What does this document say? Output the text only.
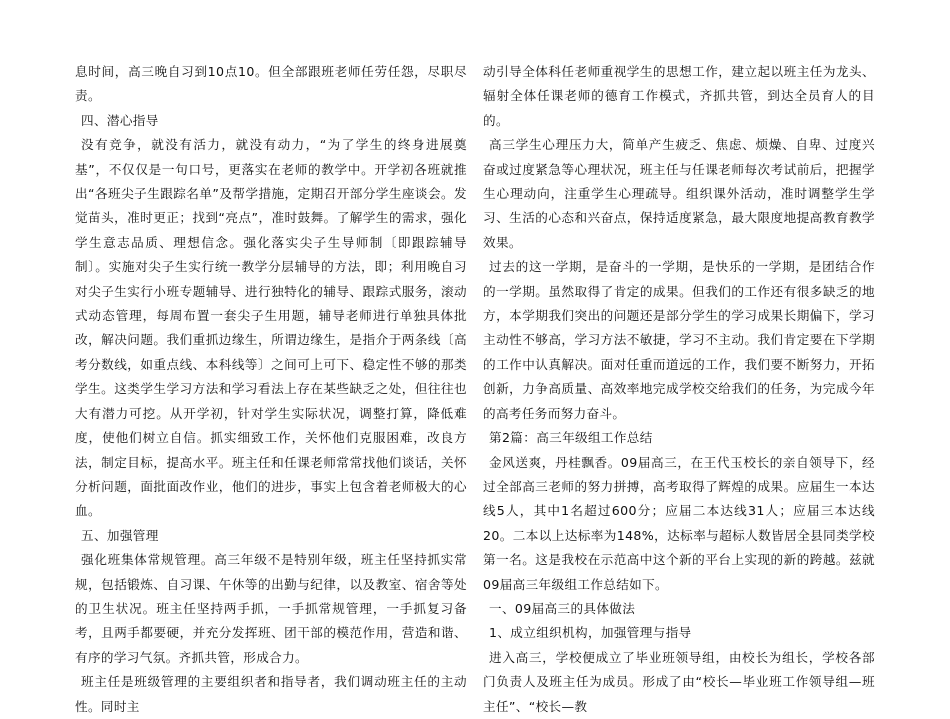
息时间，高三晚自习到10点10。但全部跟班老师任劳任怨，尽职尽责。

四、潜心指导

没有竞争，就没有活力，就没有动力，“为了学生的终身进展奠基”，不仅仅是一句口号，更落实在老师的教学中。开学初各班就推出“各班尖子生跟踪名单”及帮学措施，定期召开部分学生座谈会。发觉苗头，准时更正；找到“亮点”，准时鼓舞。了解学生的需求，强化学生意志品质、理想信念。强化落实尖子生导师制〔即跟踪辅导制〕。实施对尖子生实行统一教学分层辅导的方法，即；利用晚自习对尖子生实行小班专题辅导、进行独特化的辅导、跟踪式服务，滚动式动态管理，每周布置一套尖子生用题，辅导老师进行单独具体批改，解决问题。我们重抓边缘生，所谓边缘生，是指介于两条线〔高考分数线，如重点线、本科线等〕之间可上可下、稳定性不够的那类学生。这类学生学习方法和学习看法上存在某些缺乏之处，但往往也大有潜力可挖。从开学初，针对学生实际状况，调整打算，降低难度，使他们树立自信。抓实细致工作，关怀他们克服困难，改良方法，制定目标，提高水平。班主任和任课老师常常找他们谈话，关怀分析问题，面批面改作业，他们的进步，事实上包含着老师极大的心血。

五、加强管理

强化班集体常规管理。高三年级不是特别年级，班主任坚持抓实常规，包括锻炼、自习课、午休等的出勤与纪律，以及教室、宿舍等处的卫生状况。班主任坚持两手抓，一手抓常规管理，一手抓复习备考，且两手都要硬，并充分发挥班、团干部的模范作用，营造和谐、有序的学习气氛。齐抓共管，形成合力。

班主任是班级管理的主要组织者和指导者，我们调动班主任的主动性。同时主

动引导全体科任老师重视学生的思想工作，建立起以班主任为龙头、辐射全体任课老师的德育工作模式，齐抓共管，到达全员育人的目的。

高三学生心理压力大，简单产生疲乏、焦虑、烦燥、自卑、过度兴奋或过度紧急等心理状况，班主任与任课老师每次考试前后，把握学生心理动向，注重学生心理疏导。组织课外活动，准时调整学生学习、生活的心态和兴奋点，保持适度紧急，最大限度地提高教育教学效果。

过去的这一学期，是奋斗的一学期，是快乐的一学期，是团结合作的一学期。虽然取得了肯定的成果。但我们的工作还有很多缺乏的地方，本学期我们突出的问题还是部分学生的学习成果长期偏下，学习主动性不够高，学习方法不敏捷，学习不主动。我们肯定要在下学期的工作中认真解决。面对任重而道远的工作，我们要不断努力，开拓创新，力争高质量、高效率地完成学校交给我们的任务，为完成今年的高考任务而努力奋斗。

第2篇：高三年级组工作总结

金风送爽，丹桂飘香。09届高三，在王代玉校长的亲自领导下，经过全部高三老师的努力拼搏，高考取得了辉煌的成果。应届生一本达线5人，其中1名超过600分；应届二本达线31人；应届三本达线20。二本以上达标率为148%，达标率与超标人数皆居全县同类学校第一名。这是我校在示范高中这个新的平台上实现的新的跨越。兹就09届高三年级组工作总结如下。

一、09届高三的具体做法

1、成立组织机构，加强管理与指导

进入高三，学校便成立了毕业班领导组，由校长为组长，学校各部门负责人及班主任为成员。形成了由“校长—毕业班工作领导组—班主任”、“校长—教
